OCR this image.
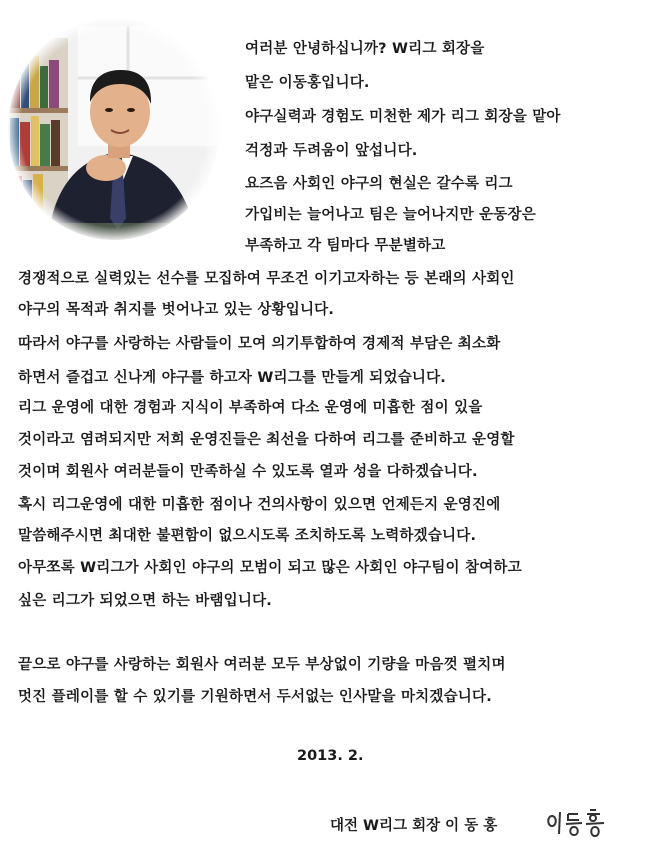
여러분 안녕하십니까? W리그 회장을
맡은 이동홍입니다.
야구실력과 경험도 미천한 제가 리그 회장을 맡아
걱정과 두려움이 앞섭니다.
요즈음 사회인 야구의 현실은 갈수록 리그
가입비는 늘어나고 팀은 늘어나지만 운동장은
부족하고 각 팀마다 무분별하고
경쟁적으로 실력있는 선수를 모집하여 무조건 이기고자하는 등 본래의 사회인
야구의 목적과 취지를 벗어나고 있는 상황입니다.
따라서 야구를 사랑하는 사람들이 모여 의기투합하여 경제적 부담은 최소화
하면서 즐겁고 신나게 야구를 하고자 W리그를 만들게 되었습니다.
리그 운영에 대한 경험과 지식이 부족하여 다소 운영에 미흡한 점이 있을
것이라고 염려되지만 저희 운영진들은 최선을 다하여 리그를 준비하고 운영할
것이며 회원사 여러분들이 만족하실 수 있도록 열과 성을 다하겠습니다.
혹시 리그운영에 대한 미흡한 점이나 건의사항이 있으면 언제든지 운영진에
말씀해주시면 최대한 불편함이 없으시도록 조치하도록 노력하겠습니다.
아무쪼록 W리그가 사회인 야구의 모범이 되고 많은 사회인 야구팀이 참여하고
싶은 리그가 되었으면 하는 바램입니다.
끝으로 야구를 사랑하는 회원사 여러분 모두 부상없이 기량을 마음껏 펼치며
멋진 플레이를 할 수 있기를 기원하면서 두서없는 인사말을 마치겠습니다.
2013. 2.
대전 W리그 회장 이 동 홍
